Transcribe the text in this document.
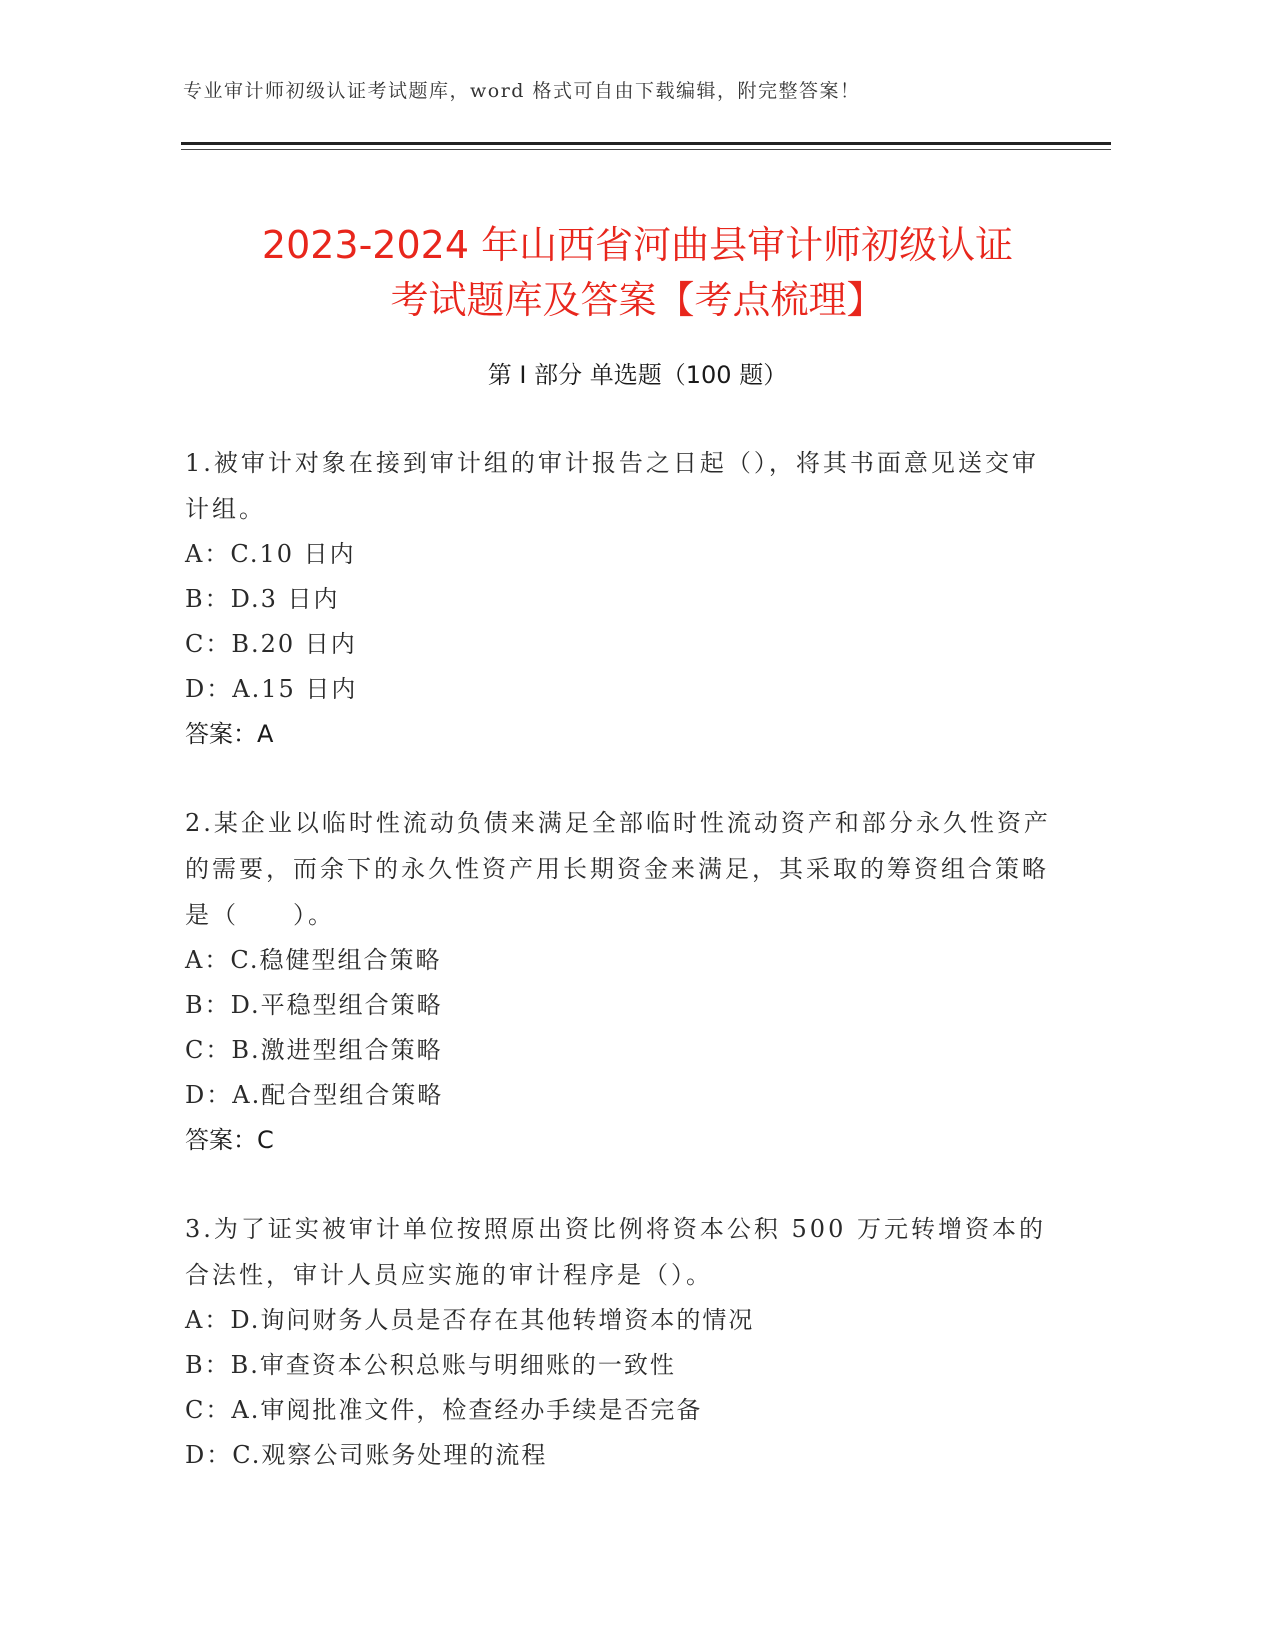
专业审计师初级认证考试题库，word 格式可自由下载编辑，附完整答案！
2023-2024 年山西省河曲县审计师初级认证
考试题库及答案【考点梳理】
第 I 部分 单选题（100 题）

1.被审计对象在接到审计组的审计报告之日起（），将其书面意见送交审计组。

A：C.10 日内
B：D.3 日内
C：B.20 日内
D：A.15 日内
答案：A

2.某企业以临时性流动负债来满足全部临时性流动资产和部分永久性资产的需要，而余下的永久性资产用长期资金来满足，其采取的筹资组合策略是（　　）。

A：C.稳健型组合策略
B：D.平稳型组合策略
C：B.激进型组合策略
D：A.配合型组合策略
答案：C

3.为了证实被审计单位按照原出资比例将资本公积 500 万元转增资本的合法性，审计人员应实施的审计程序是（）。

A：D.询问财务人员是否存在其他转增资本的情况
B：B.审查资本公积总账与明细账的一致性
C：A.审阅批准文件，检查经办手续是否完备
D：C.观察公司账务处理的流程
